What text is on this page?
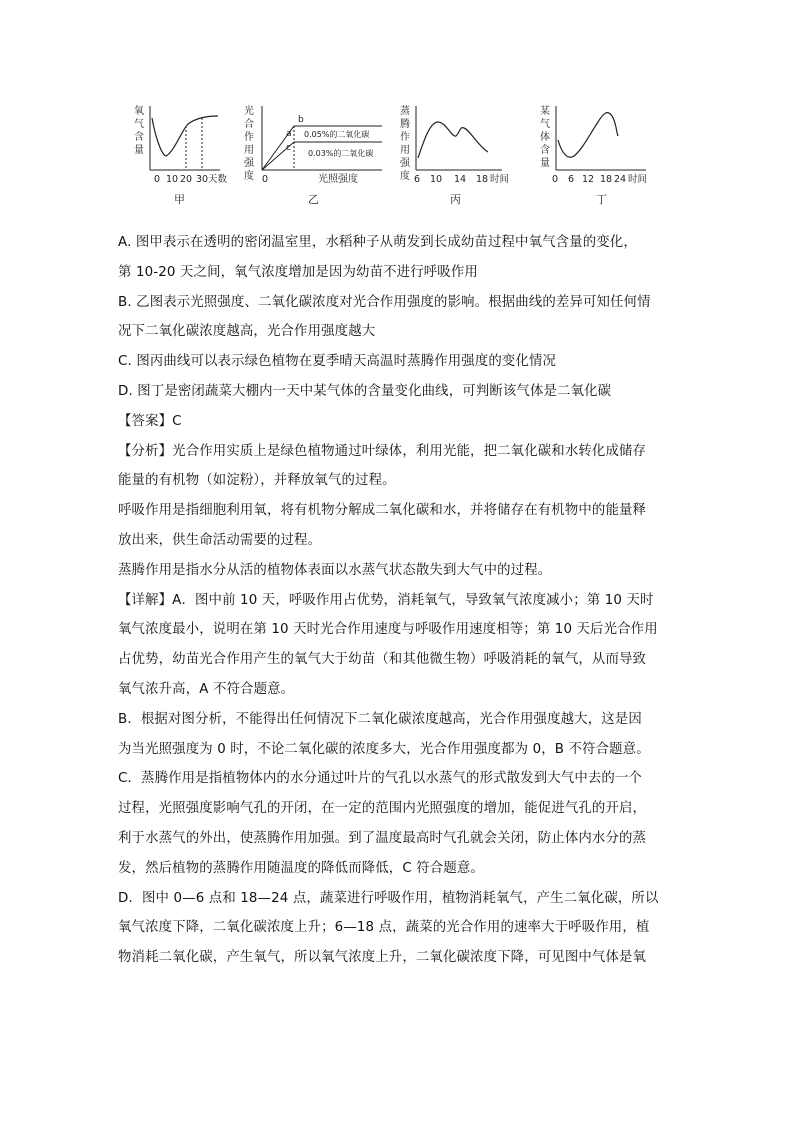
氧
气
含
量
0 10 20 30 天数
甲
光
合
作
用
强
度
a
b
c
0.05%的二氧化碳
0.03%的二氧化碳
0	光照强度
乙
蒸
腾
作
用
强
度 6 10 14 18 时间
丙
某
气
体
含
量
0 6 12 18 24 时间
丁
A. 图甲表示在透明的密闭温室里，水稻种子从萌发到长成幼苗过程中氧气含量的变化，
第 10-20 天之间，氧气浓度增加是因为幼苗不进行呼吸作用
B. 乙图表示光照强度、二氧化碳浓度对光合作用强度的影响。根据曲线的差异可知任何情
况下二氧化碳浓度越高，光合作用强度越大
C. 图丙曲线可以表示绿色植物在夏季晴天高温时蒸腾作用强度的变化情况
D. 图丁是密闭蔬菜大棚内一天中某气体的含量变化曲线，可判断该气体是二氧化碳
【答案】C
【分析】光合作用实质上是绿色植物通过叶绿体，利用光能，把二氧化碳和水转化成储存
能量的有机物（如淀粉），并释放氧气的过程。
呼吸作用是指细胞利用氧，将有机物分解成二氧化碳和水，并将储存在有机物中的能量释
放出来，供生命活动需要的过程。
蒸腾作用是指水分从活的植物体表面以水蒸气状态散失到大气中的过程。
【详解】A．图中前 10 天，呼吸作用占优势，消耗氧气，导致氧气浓度减小；第 10 天时
氧气浓度最小，说明在第 10 天时光合作用速度与呼吸作用速度相等；第 10 天后光合作用
占优势，幼苗光合作用产生的氧气大于幼苗（和其他微生物）呼吸消耗的氧气，从而导致
氧气浓升高，A 不符合题意。
B．根据对图分析，不能得出任何情况下二氧化碳浓度越高，光合作用强度越大，这是因
为当光照强度为 0 时，不论二氧化碳的浓度多大，光合作用强度都为 0，B 不符合题意。
C．蒸腾作用是指植物体内的水分通过叶片的气孔以水蒸气的形式散发到大气中去的一个
过程，光照强度影响气孔的开闭，在一定的范围内光照强度的增加，能促进气孔的开启，
利于水蒸气的外出，使蒸腾作用加强。到了温度最高时气孔就会关闭，防止体内水分的蒸
发，然后植物的蒸腾作用随温度的降低而降低，C 符合题意。
D．图中 0—6 点和 18—24 点，蔬菜进行呼吸作用，植物消耗氧气，产生二氧化碳，所以
氧气浓度下降，二氧化碳浓度上升；6—18 点，蔬菜的光合作用的速率大于呼吸作用，植
物消耗二氧化碳，产生氧气，所以氧气浓度上升，二氧化碳浓度下降，可见图中气体是氧
